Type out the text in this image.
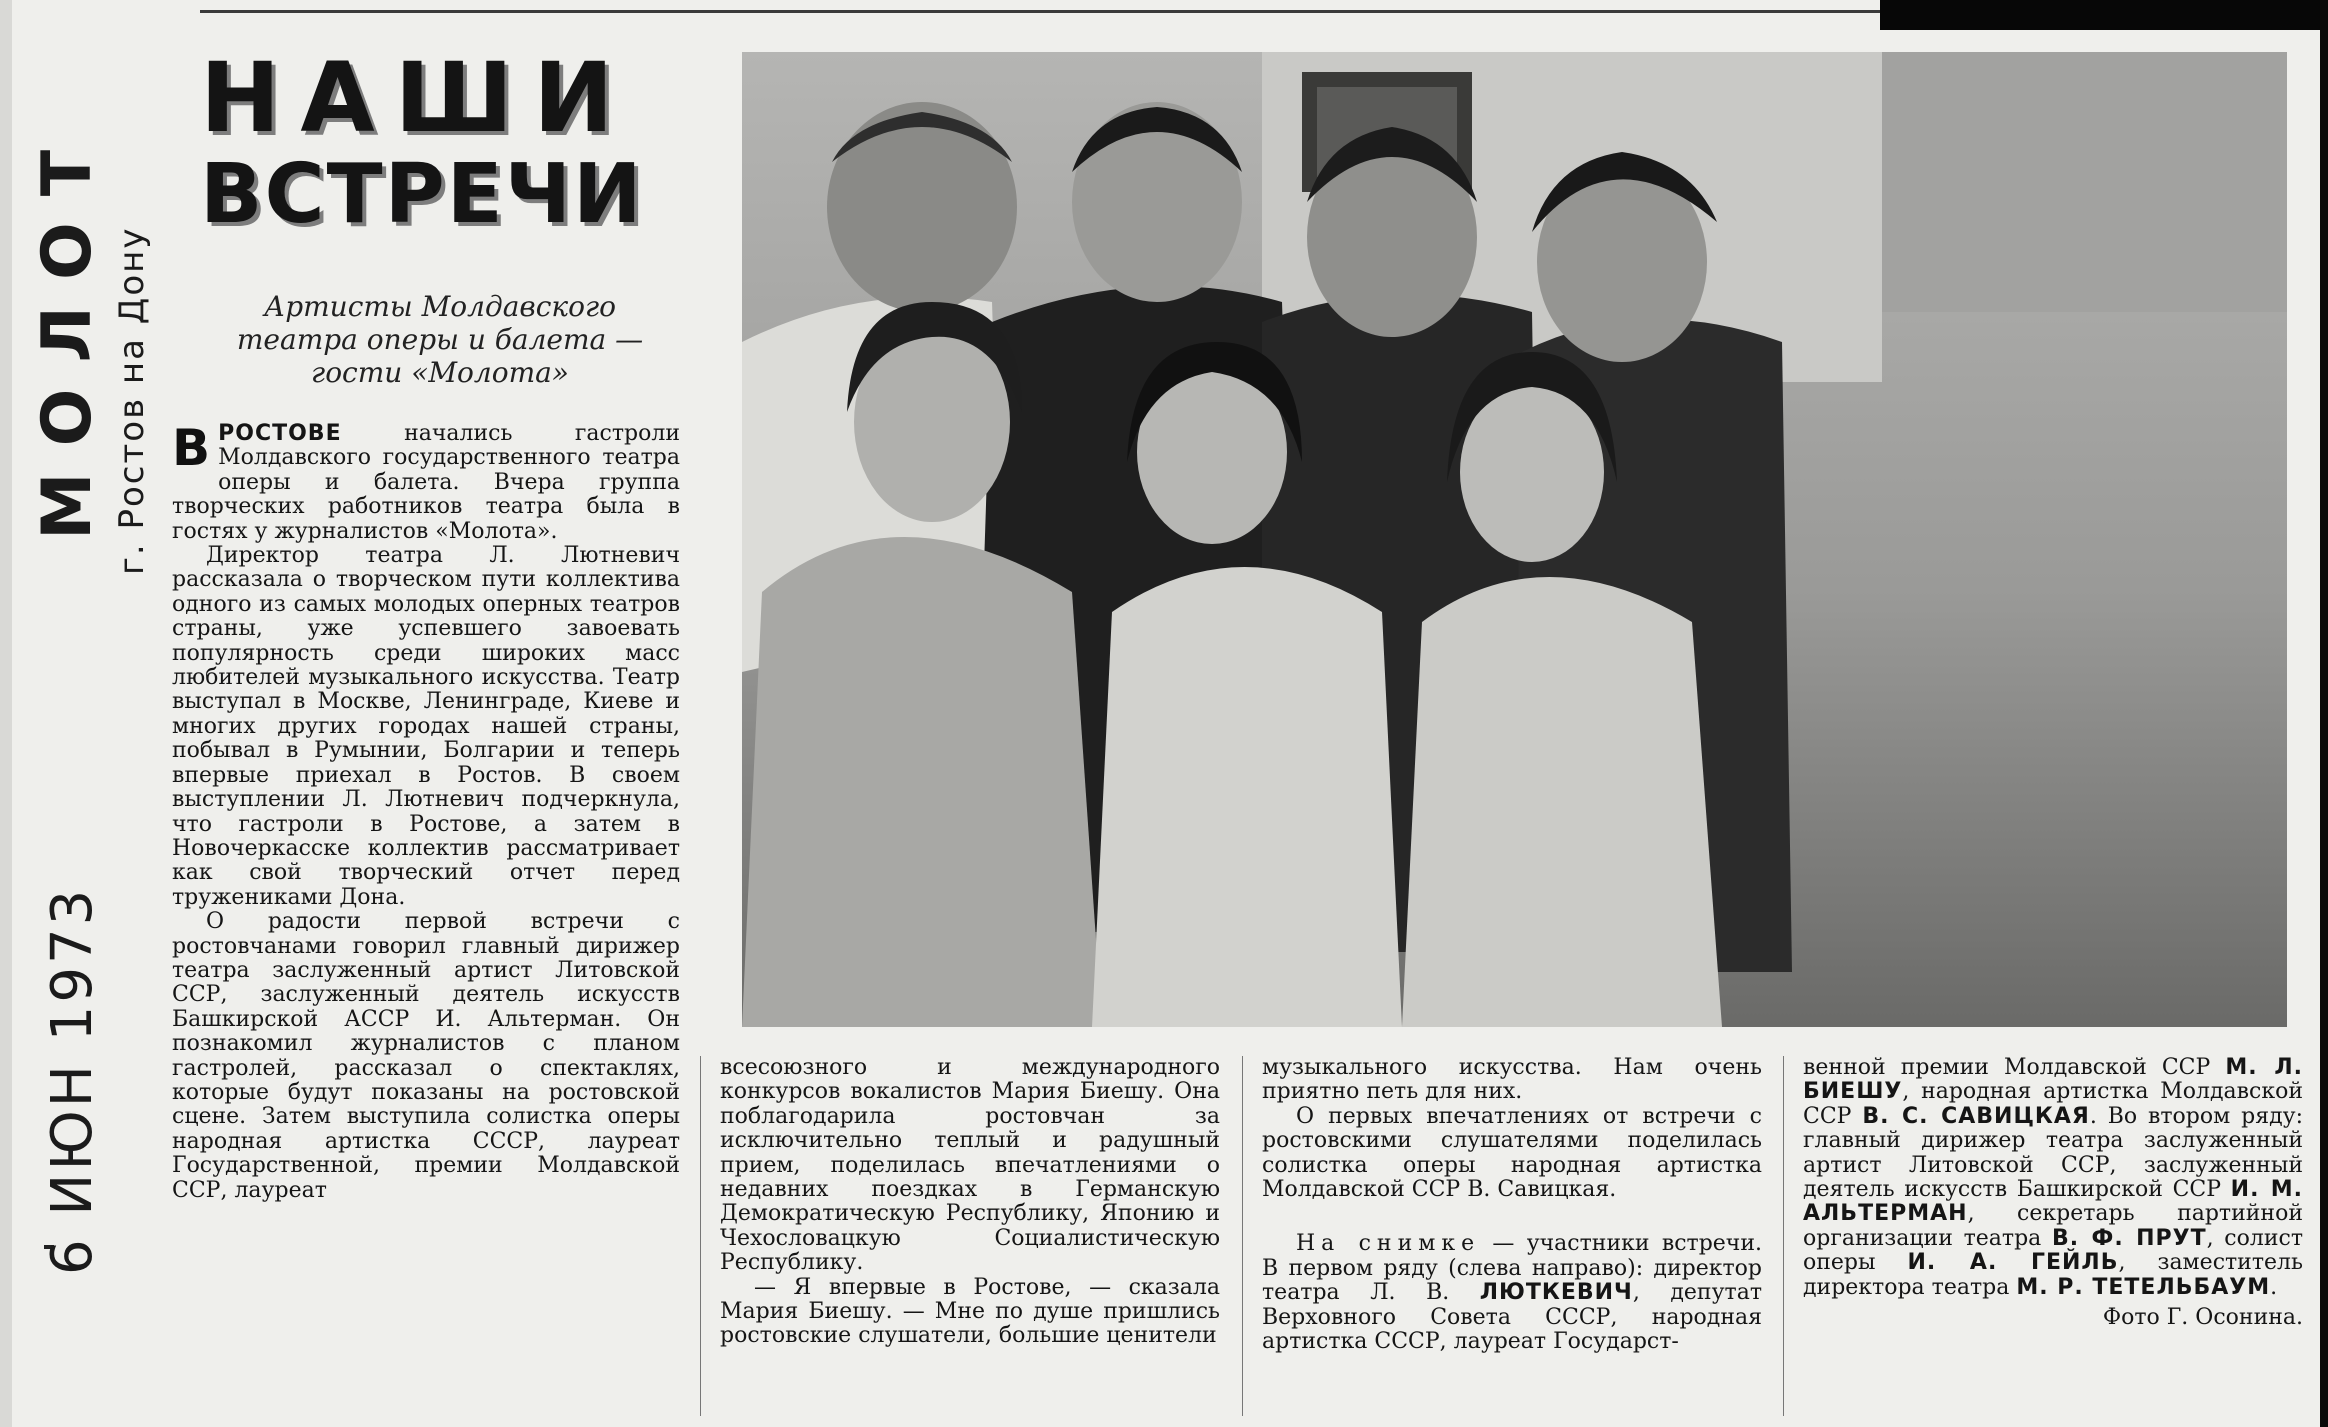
МОЛОТ г. Ростов на Дону
6 ИЮН 1973
НАШИ
ВСТРЕЧИ
Артисты Молдавского театра оперы и балета — гости «Молота»

ВРОСТОВЕ начались гастроли Молдавского государственного театра оперы и балета. Вчера группа творческих работников театра была в гостях у журналистов «Молота».

Директор театра Л. Лютневич рассказала о творческом пути коллектива одного из самых молодых оперных театров страны, уже успевшего завоевать популярность среди широких масс любителей музыкального искусства. Театр выступал в Москве, Ленинграде, Киеве и многих других городах нашей страны, побывал в Румынии, Болгарии и теперь впервые приехал в Ростов. В своем выступлении Л. Лютневич подчеркнула, что гастроли в Ростове, а затем в Новочеркасске коллектив рассматривает как свой творческий отчет перед тружениками Дона.

О радости первой встречи с ростовчанами говорил главный дирижер театра заслуженный артист Литовской ССР, заслуженный деятель искусств Башкирской АССР И. Альтерман. Он познакомил журналистов с планом гастролей, рассказал о спектаклях, которые будут показаны на ростовской сцене. Затем выступила солистка оперы народная артистка СССР, лауреат Государственной, премии Молдавской ССР, лауреат

всесоюзного и международного конкурсов вокалистов Мария Биешу. Она поблагодарила ростовчан за исключительно теплый и радушный прием, поделилась впечатлениями о недавних поездках в Германскую Демократическую Республику, Японию и Чехословацкую Социалистическую Республику.

— Я впервые в Ростове, — сказала Мария Биешу. — Мне по душе пришлись ростовские слушатели, большие ценители

музыкального искусства. Нам очень приятно петь для них.

О первых впечатлениях от встречи с ростовскими слушателями поделилась солистка оперы народная артистка Молдавской ССР В. Савицкая.

На снимке — участники встречи. В первом ряду (слева направо): директор театра Л. В. ЛЮТКЕВИЧ, депутат Верховного Совета СССР, народная артистка СССР, лауреат Государст-

венной премии Молдавской ССР М. Л. БИЕШУ, народная артистка Молдавской ССР В. С. САВИЦКАЯ. Во втором ряду: главный дирижер театра заслуженный артист Литовской ССР, заслуженный деятель искусств Башкирской ССР И. М. АЛЬТЕРМАН, секретарь партийной организации театра В. Ф. ПРУТ, солист оперы И. А. ГЕЙЛЬ, заместитель директора театра М. Р. ТЕТЕЛЬБАУМ.

Фото Г. Осонина.
